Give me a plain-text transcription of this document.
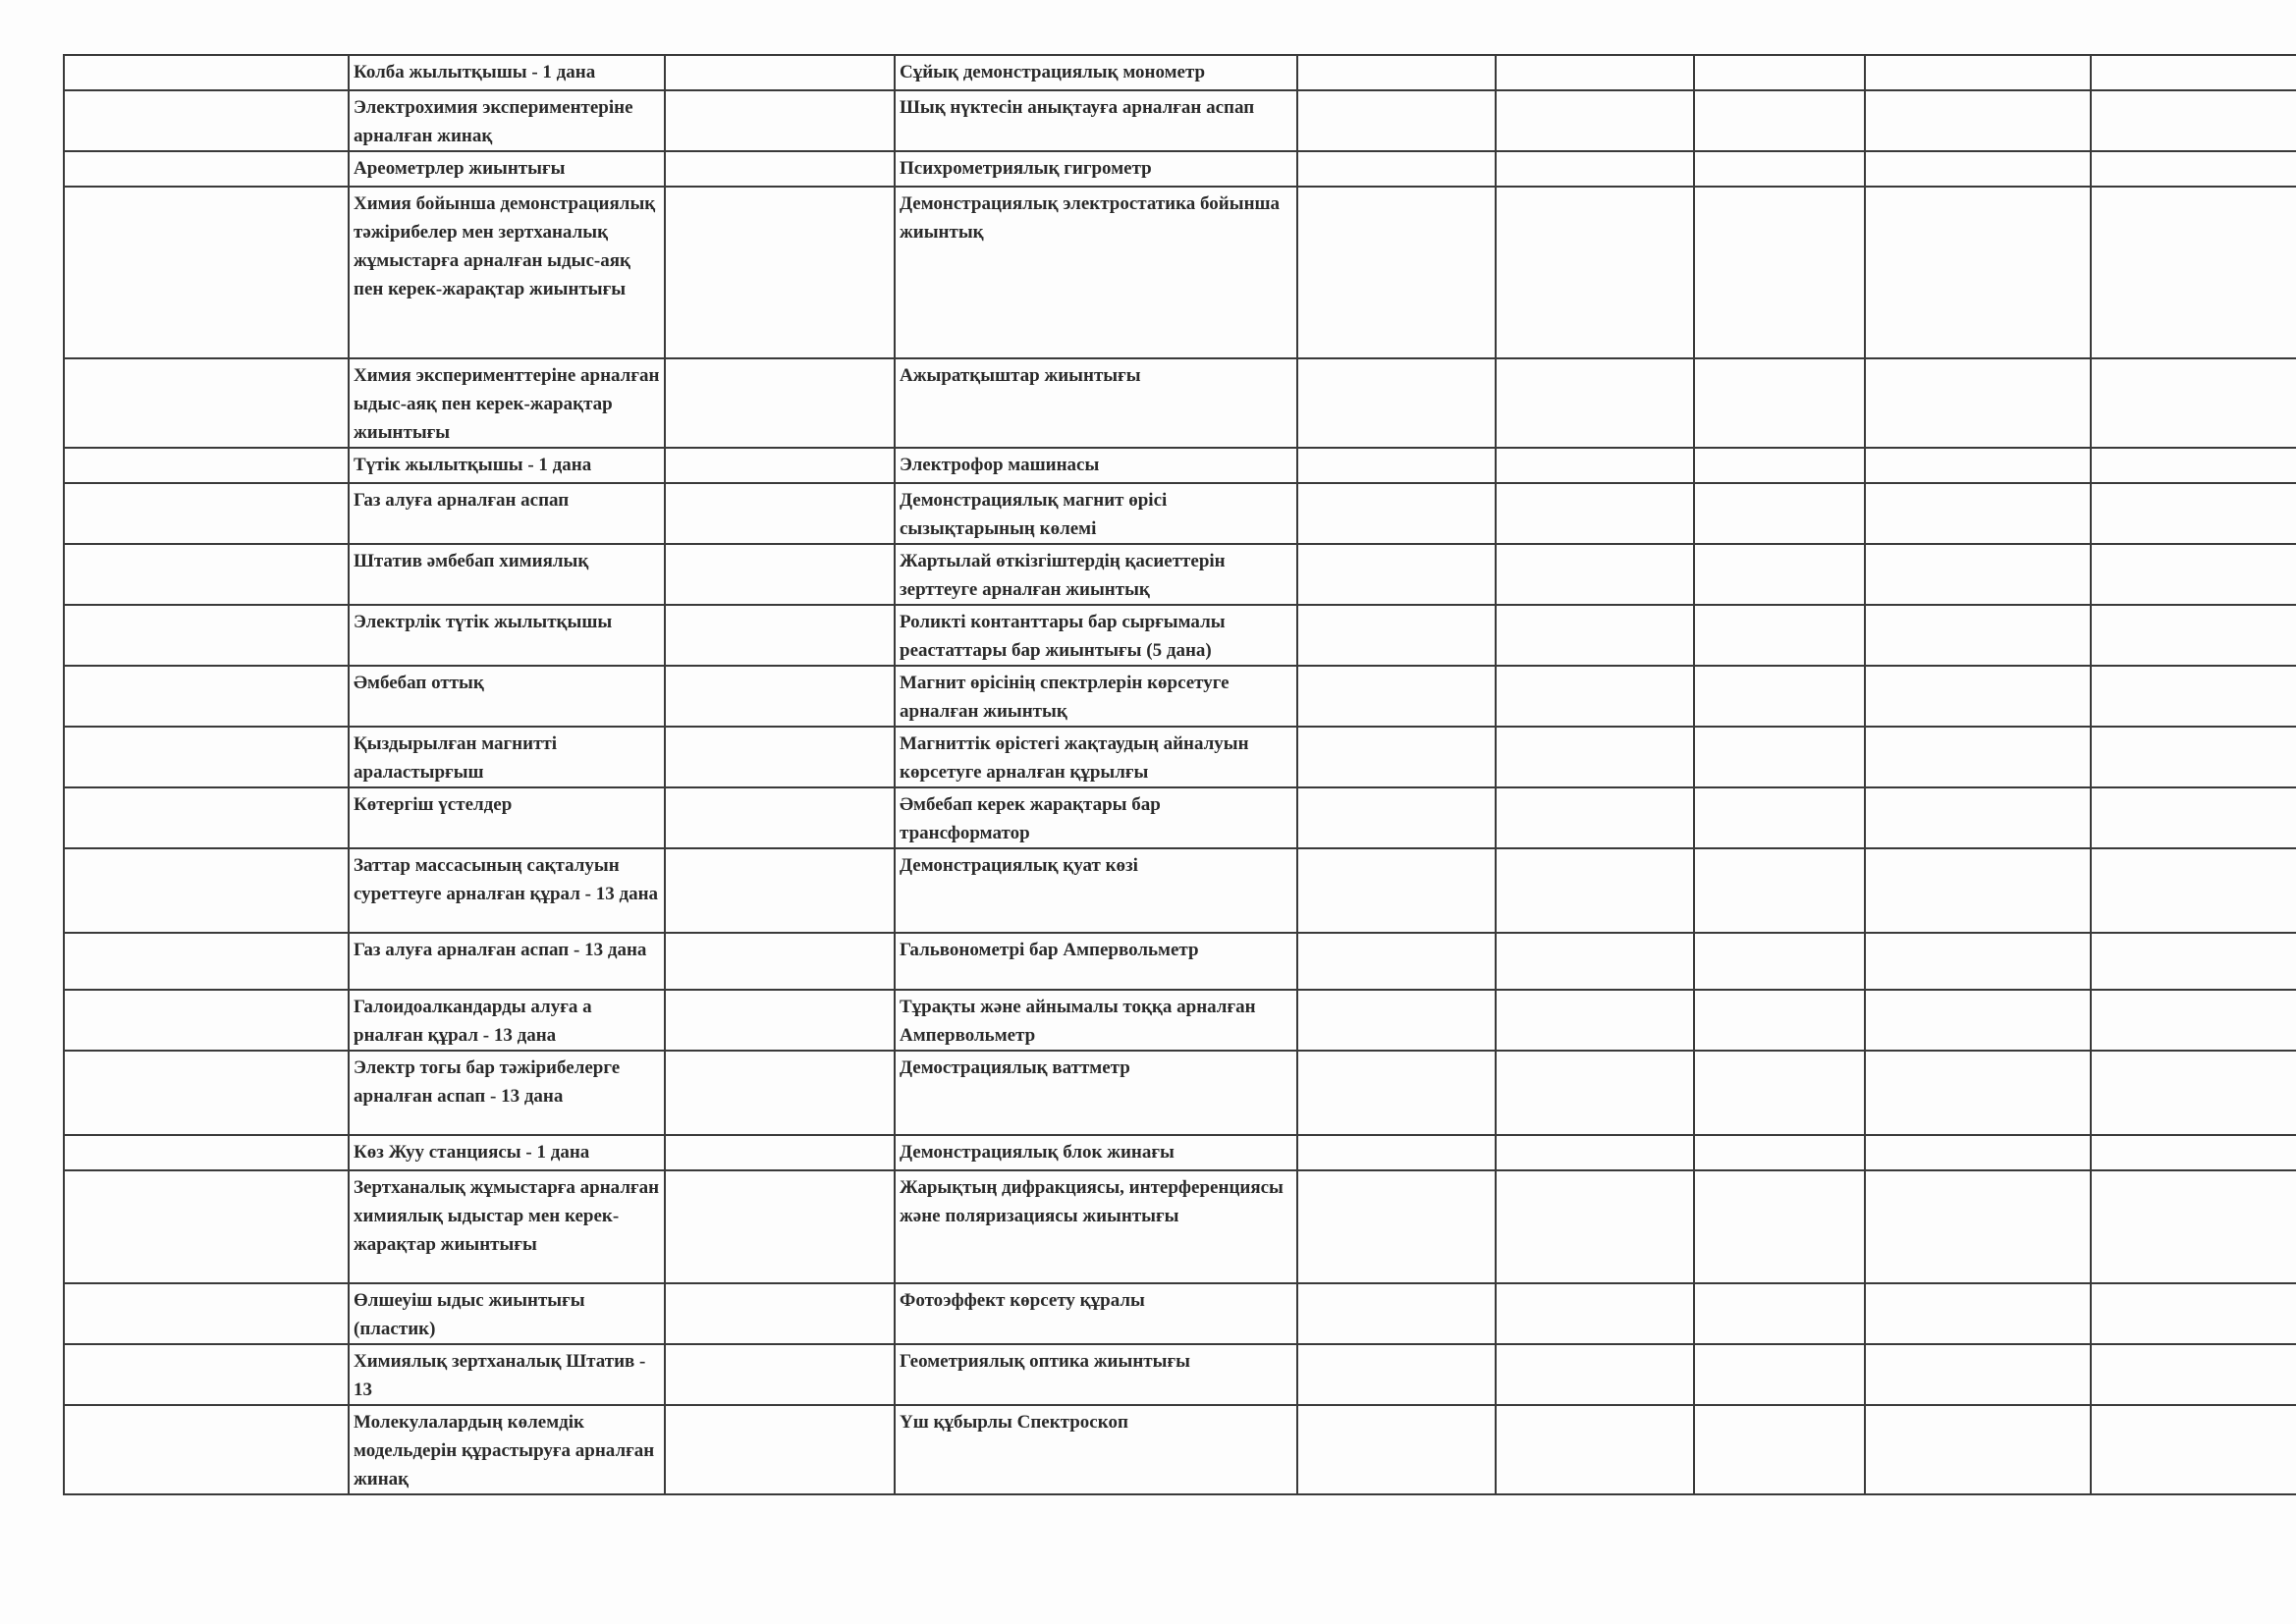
	Колба жылытқышы - 1 дана		Сұйық демонстрациялық монометр					
	Электрохимия экспериментеріне арналған жинақ		Шық нүктесін анықтауға арналған аспап					
	Ареометрлер жиынтығы		Психрометриялық гигрометр					
	Химия бойынша демонстрациялық тәжірибелер мен зертханалық жұмыстарға арналған ыдыс-аяқ пен керек-жарақтар жиынтығы		Демонстрациялық электростатика бойынша жиынтық					
	Химия эксперименттеріне арналған ыдыс-аяқ пен керек-жарақтар жиынтығы		Ажыратқыштар жиынтығы					
	Түтік жылытқышы - 1 дана		Электрофор машинасы					
	Газ алуға арналған аспап		Демонстрациялық магнит өрісі сызықтарының көлемі					
	Штатив әмбебап химиялық		Жартылай өткізгіштердің қасиеттерін зерттеуге арналған жиынтық					
	Электрлік түтік жылытқышы		Роликті контанттары бар сырғымалы реастаттары бар жиынтығы (5 дана)					
	Әмбебап оттық		Магнит өрісінің спектрлерін көрсетуге арналған жиынтық					
	Қыздырылған магнитті араластырғыш		Магниттік өрістегі жақтаудың айналуын көрсетуге арналған құрылғы					
	Көтергіш үстелдер		Әмбебап керек жарақтары бар трансформатор					
	Заттар массасының сақталуын суреттеуге арналған құрал - 13 дана		Демонстрациялық қуат көзі					
	Газ алуға арналған аспап - 13 дана		Гальвонометрі бар Ампервольметр					
	Галоидоалкандарды алуға а рналған құрал - 13 дана		Тұрақты және айнымалы тоққа арналған Ампервольметр					
	Электр тогы бар тәжірибелерге арналған аспап - 13 дана		Демострациялық ваттметр					
	Көз Жуу станциясы - 1 дана		Демонстрациялық блок жинағы					
	Зертханалық жұмыстарға арналған химиялық ыдыстар мен керек-жарақтар жиынтығы		Жарықтың дифракциясы, интерференциясы және поляризациясы жиынтығы					
	Өлшеуіш ыдыс жиынтығы (пластик)		Фотоэффект көрсету құралы					
	Химиялық зертханалық Штатив - 13		Геометриялық оптика жиынтығы					
	Молекулалардың көлемдік модельдерін құрастыруға арналған жинақ		Үш құбырлы Спектроскоп					
